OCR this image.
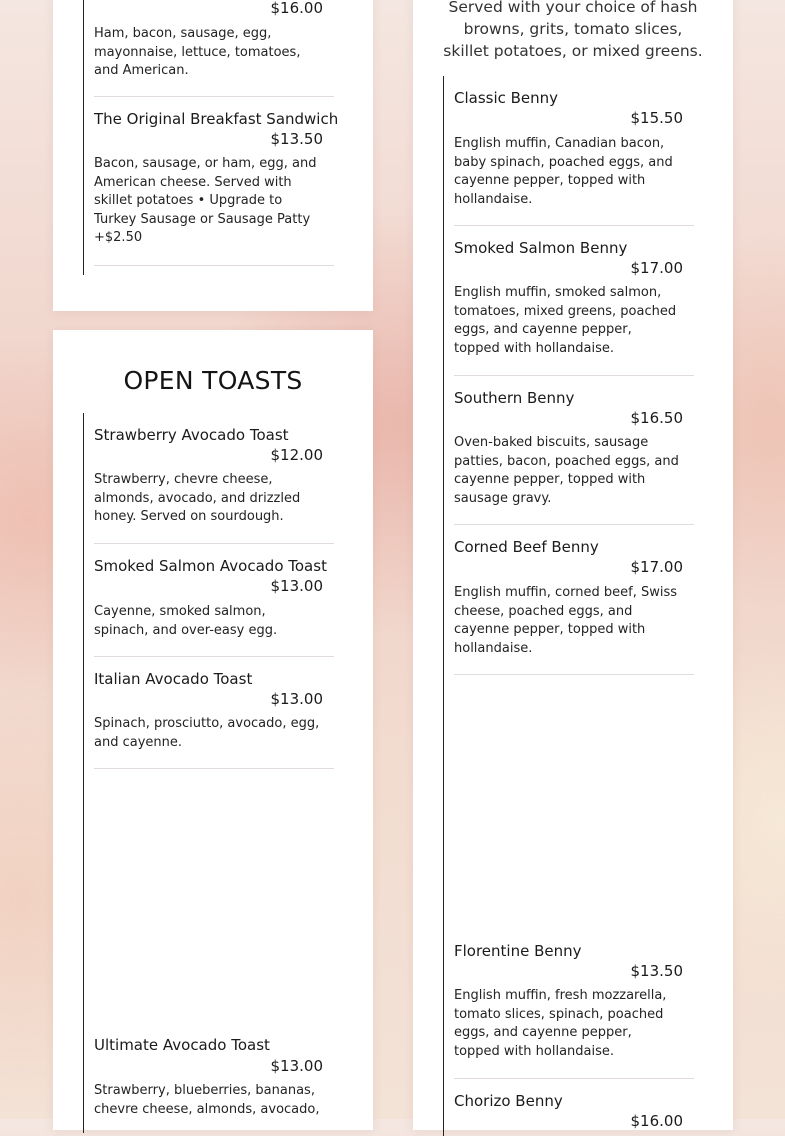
$16.00
Ham, bacon, sausage, egg, mayonnaise, lettuce, tomatoes, and American.
The Original Breakfast Sandwich
$13.50
Bacon, sausage, or ham, egg, and American cheese. Served with skillet potatoes • Upgrade to Turkey Sausage or Sausage Patty +$2.50
OPEN TOASTS
Strawberry Avocado Toast
$12.00
Strawberry, chevre cheese, almonds, avocado, and drizzled honey. Served on sourdough.
Smoked Salmon Avocado Toast
$13.00
Cayenne, smoked salmon, spinach, and over-easy egg.
Italian Avocado Toast
$13.00
Spinach, prosciutto, avocado, egg, and cayenne.
Ultimate Avocado Toast
$13.00
Strawberry, blueberries, bananas, chevre cheese, almonds, avocado,
Served with your choice of hash browns, grits, tomato slices, skillet potatoes, or mixed greens.
Classic Benny
$15.50
English muffin, Canadian bacon, baby spinach, poached eggs, and cayenne pepper, topped with hollandaise.
Smoked Salmon Benny
$17.00
English muffin, smoked salmon, tomatoes, mixed greens, poached eggs, and cayenne pepper, topped with hollandaise.
Southern Benny
$16.50
Oven-baked biscuits, sausage patties, bacon, poached eggs, and cayenne pepper, topped with sausage gravy.
Corned Beef Benny
$17.00
English muffin, corned beef, Swiss cheese, poached eggs, and cayenne pepper, topped with hollandaise.
Florentine Benny
$13.50
English muffin, fresh mozzarella, tomato slices, spinach, poached eggs, and cayenne pepper, topped with hollandaise.
Chorizo Benny
$16.00
